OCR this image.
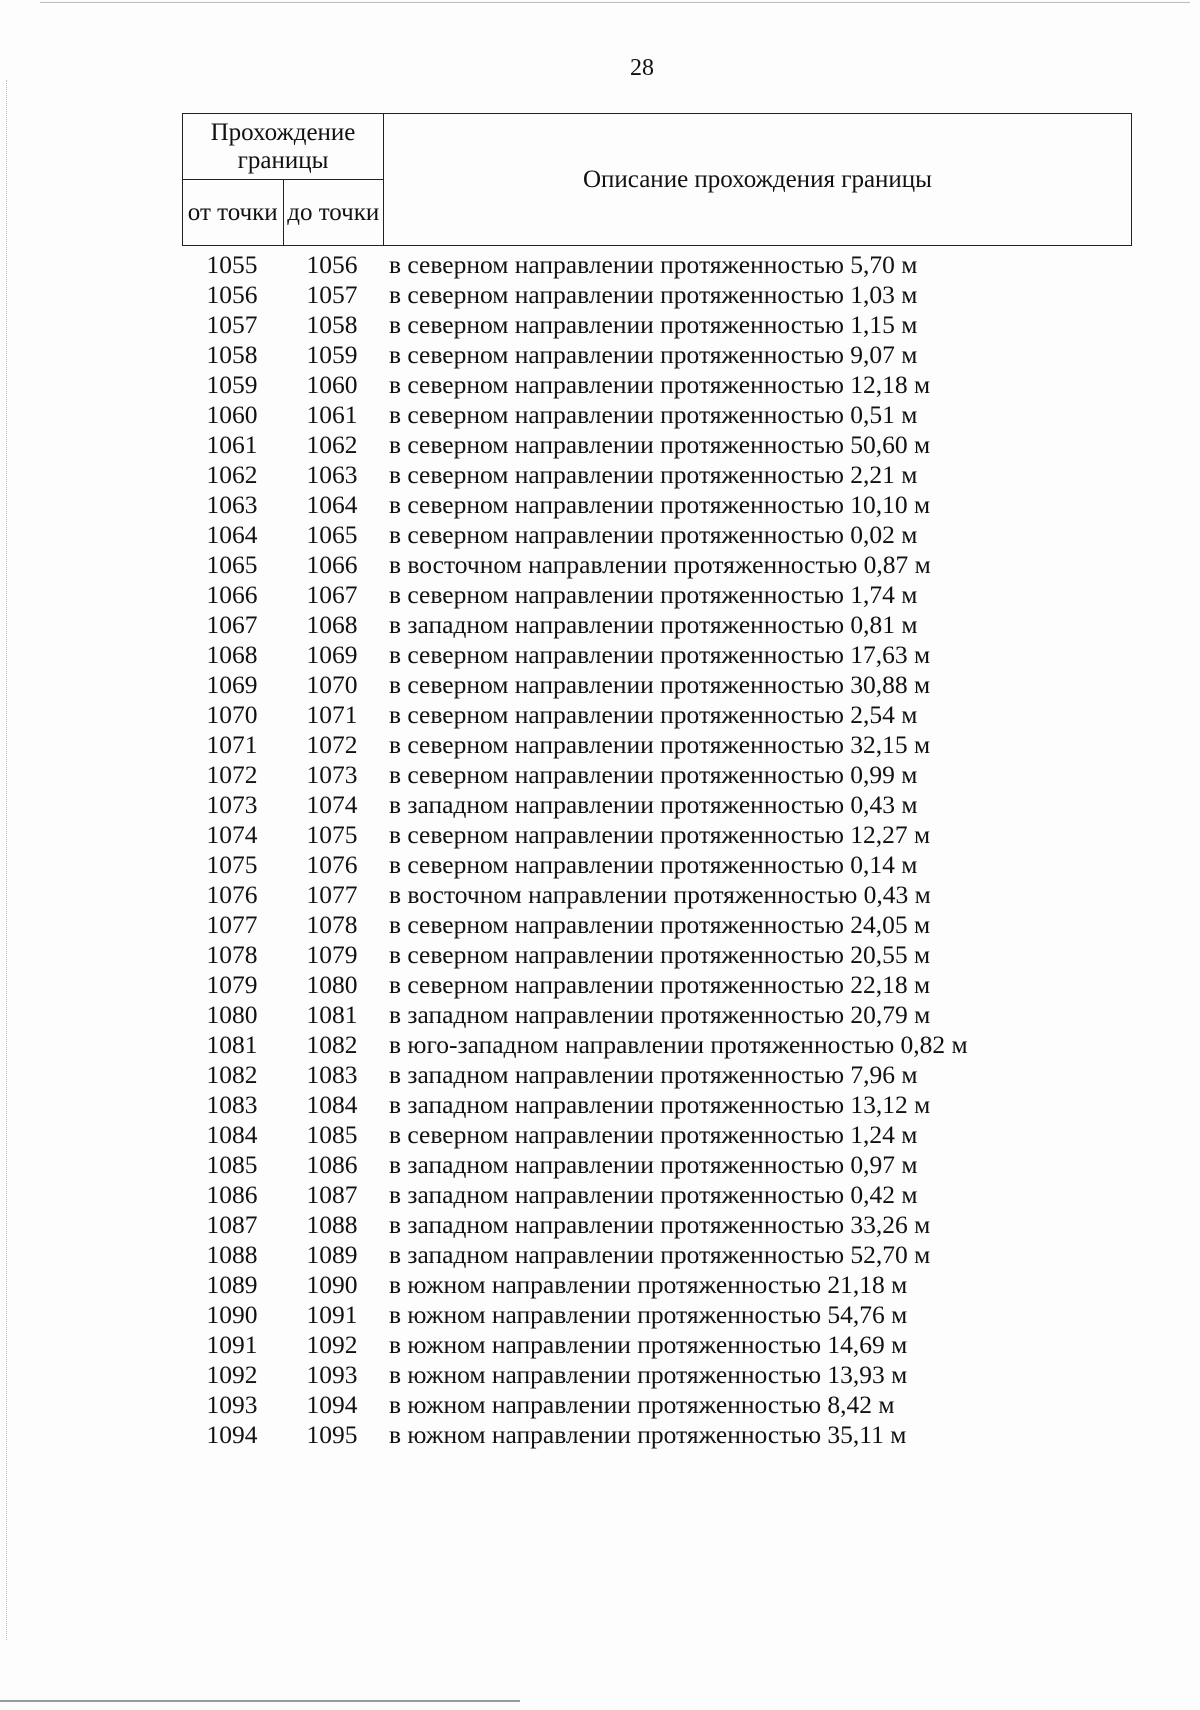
28
Прохождение границы		Описание прохождения границы
от точки	до точки	
1055	1056	в северном направлении протяженностью 5,70 м
1056	1057	в северном направлении протяженностью 1,03 м
1057	1058	в северном направлении протяженностью 1,15 м
1058	1059	в северном направлении протяженностью 9,07 м
1059	1060	в северном направлении протяженностью 12,18 м
1060	1061	в северном направлении протяженностью 0,51 м
1061	1062	в северном направлении протяженностью 50,60 м
1062	1063	в северном направлении протяженностью 2,21 м
1063	1064	в северном направлении протяженностью 10,10 м
1064	1065	в северном направлении протяженностью 0,02 м
1065	1066	в восточном направлении протяженностью 0,87 м
1066	1067	в северном направлении протяженностью 1,74 м
1067	1068	в западном направлении протяженностью 0,81 м
1068	1069	в северном направлении протяженностью 17,63 м
1069	1070	в северном направлении протяженностью 30,88 м
1070	1071	в северном направлении протяженностью 2,54 м
1071	1072	в северном направлении протяженностью 32,15 м
1072	1073	в северном направлении протяженностью 0,99 м
1073	1074	в западном направлении протяженностью 0,43 м
1074	1075	в северном направлении протяженностью 12,27 м
1075	1076	в северном направлении протяженностью 0,14 м
1076	1077	в восточном направлении протяженностью 0,43 м
1077	1078	в северном направлении протяженностью 24,05 м
1078	1079	в северном направлении протяженностью 20,55 м
1079	1080	в северном направлении протяженностью 22,18 м
1080	1081	в западном направлении протяженностью 20,79 м
1081	1082	в юго-западном направлении протяженностью 0,82 м
1082	1083	в западном направлении протяженностью 7,96 м
1083	1084	в западном направлении протяженностью 13,12 м
1084	1085	в северном направлении протяженностью 1,24 м
1085	1086	в западном направлении протяженностью 0,97 м
1086	1087	в западном направлении протяженностью 0,42 м
1087	1088	в западном направлении протяженностью 33,26 м
1088	1089	в западном направлении протяженностью 52,70 м
1089	1090	в южном направлении протяженностью 21,18 м
1090	1091	в южном направлении протяженностью 54,76 м
1091	1092	в южном направлении протяженностью 14,69 м
1092	1093	в южном направлении протяженностью 13,93 м
1093	1094	в южном направлении протяженностью 8,42 м
1094	1095	в южном направлении протяженностью 35,11 м
